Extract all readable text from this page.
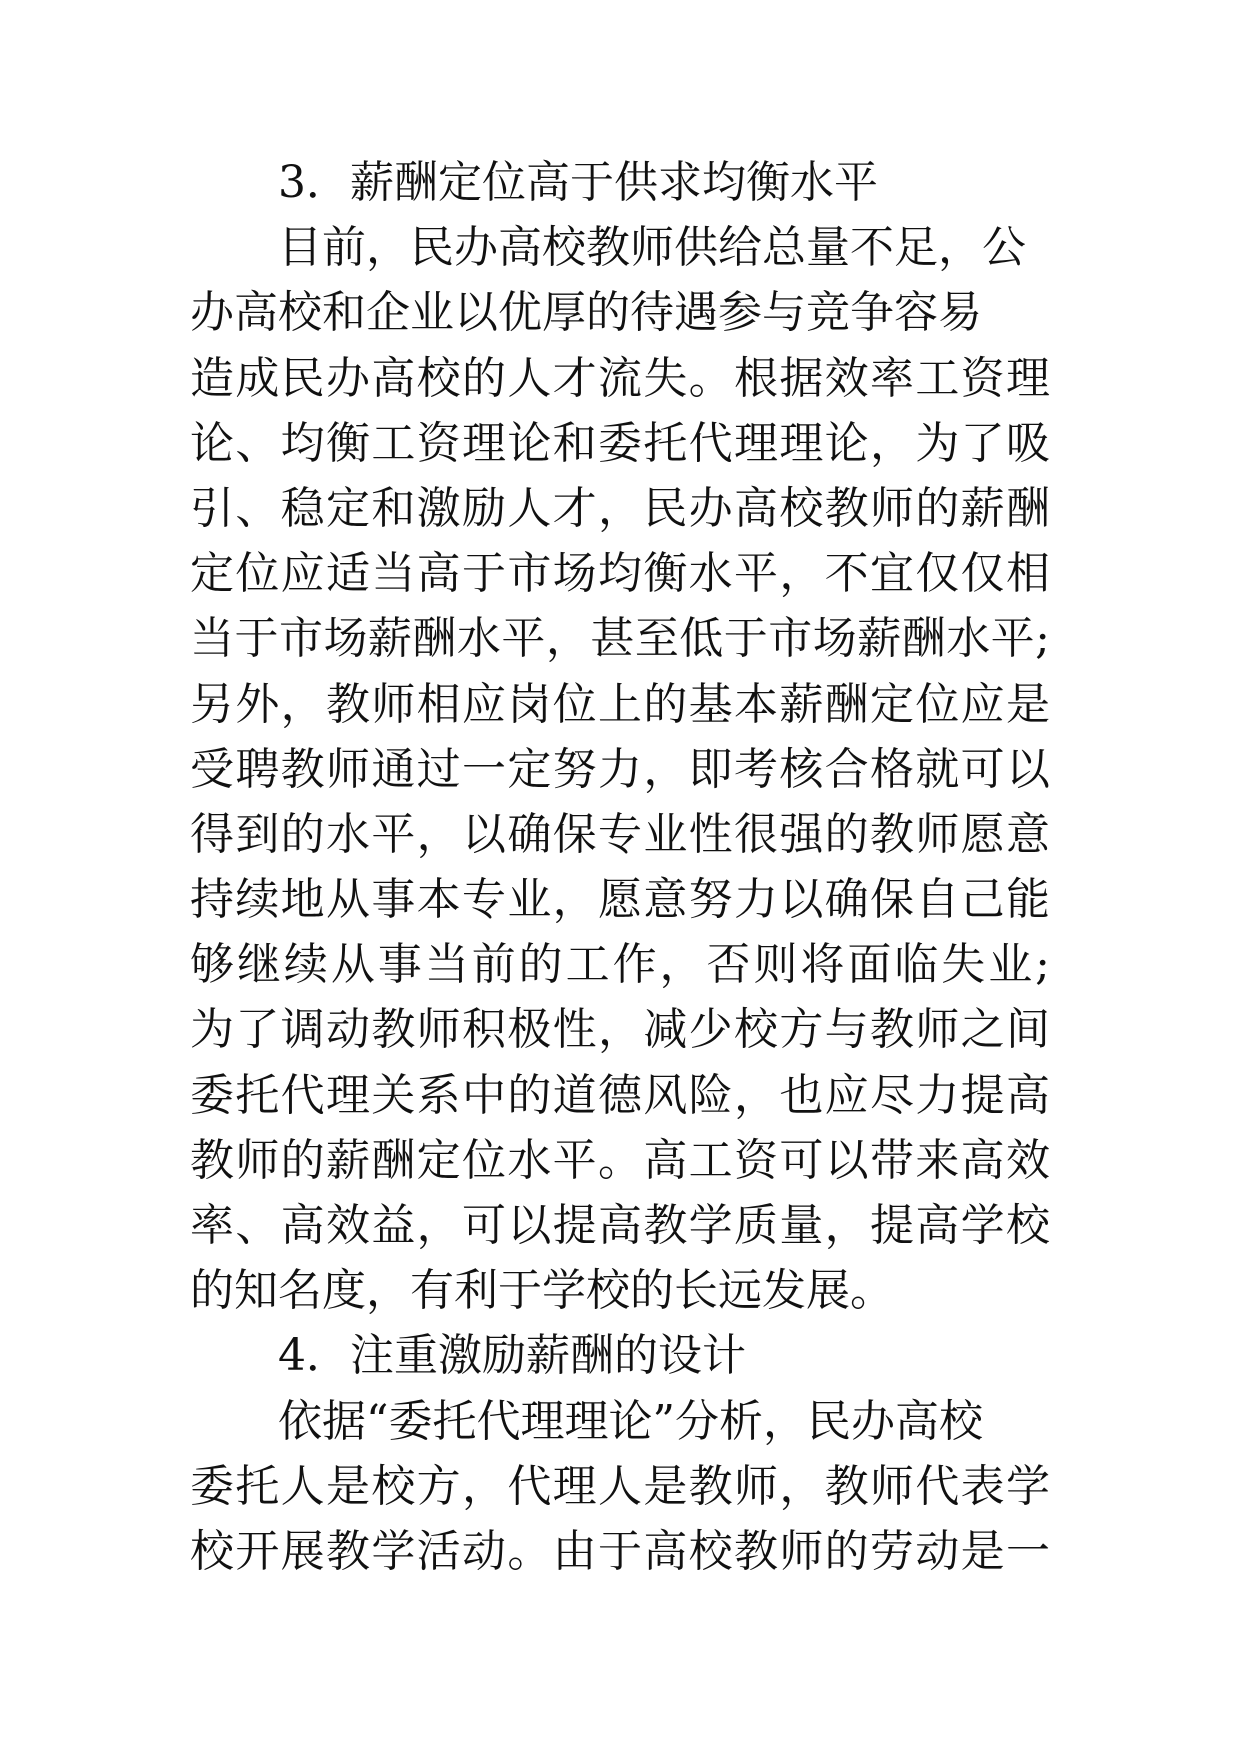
3．薪酬定位高于供求均衡水平
目前，民办高校教师供给总量不足，公
办高校和企业以优厚的待遇参与竞争容易
造成民办高校的人才流失。根据效率工资理
论、均衡工资理论和委托代理理论，为了吸
引、稳定和激励人才，民办高校教师的薪酬
定位应适当高于市场均衡水平，不宜仅仅相
当于市场薪酬水平，甚至低于市场薪酬水平;
另外，教师相应岗位上的基本薪酬定位应是
受聘教师通过一定努力，即考核合格就可以
得到的水平，以确保专业性很强的教师愿意
持续地从事本专业，愿意努力以确保自己能
够继续从事当前的工作，否则将面临失业;
为了调动教师积极性，减少校方与教师之间
委托代理关系中的道德风险，也应尽力提高
教师的薪酬定位水平。高工资可以带来高效
率、高效益，可以提高教学质量，提高学校
的知名度，有利于学校的长远发展。
4．注重激励薪酬的设计
依据“委托代理理论”分析，民办高校
委托人是校方，代理人是教师，教师代表学
校开展教学活动。由于高校教师的劳动是一
